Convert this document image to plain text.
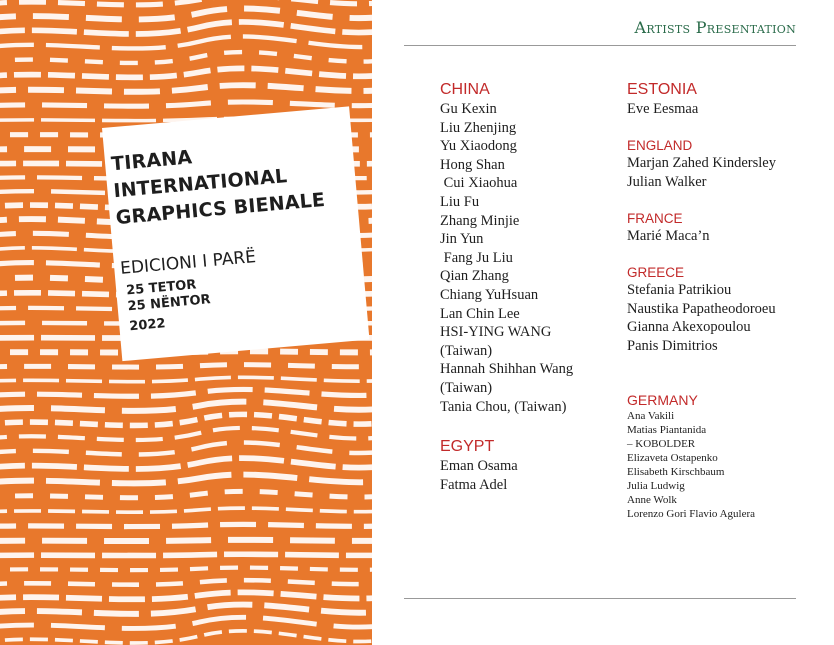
TIRANA
INTERNATIONAL
GRAPHICS BIENALE
EDICIONI I PARË
25 TETOR
25 NËNTOR
2022
Artists Presentation
CHINA
Gu Kexin
Liu Zhenjing
Yu Xiaodong
Hong Shan
Cui Xiaohua
Liu Fu
Zhang Minjie
Jin Yun
Fang Ju Liu
Qian Zhang
Chiang YuHsuan
Lan Chin Lee
HSI-YING WANG
(Taiwan)
Hannah Shihhan Wang
(Taiwan)
Tania Chou, (Taiwan)
EGYPT
Eman Osama
Fatma Adel
ESTONIA
Eve Eesmaa
ENGLAND
Marjan Zahed Kindersley
Julian Walker
FRANCE
Marié Maca’n
GREECE
Stefania Patrikiou
Naustika Papatheodoroeu
Gianna Akexopoulou
Panis Dimitrios
GERMANY
Ana Vakili
Matias Piantanida
– KOBOLDER
Elizaveta Ostapenko
Elisabeth Kirschbaum
Julia Ludwig
Anne Wolk
Lorenzo Gori Flavio Agulera
